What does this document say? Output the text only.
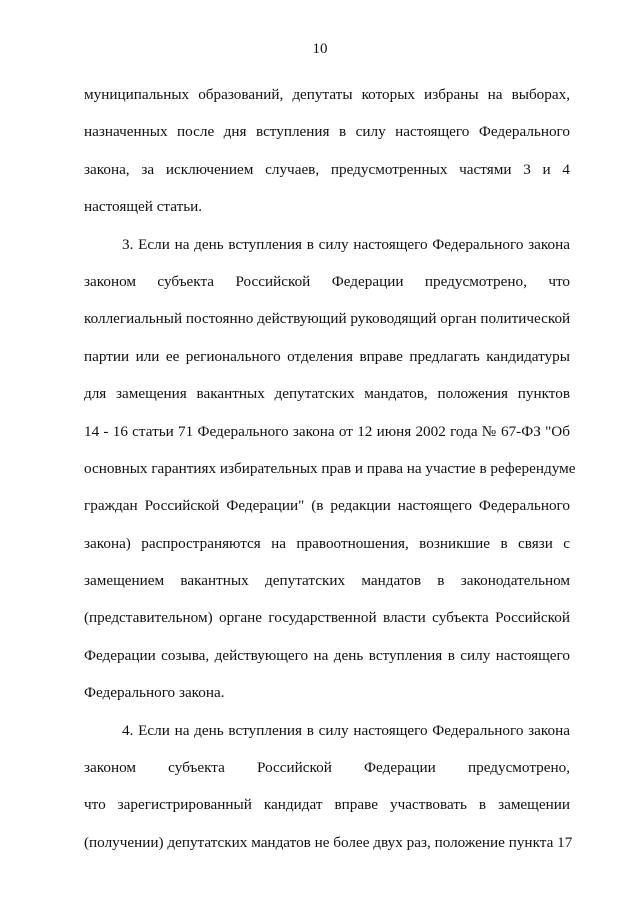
10
муниципальных образований, депутаты которых избраны на выборах,
назначенных после дня вступления в силу настоящего Федерального
закона, за исключением случаев, предусмотренных частями 3 и 4
настоящей статьи.
3. Если на день вступления в силу настоящего Федерального закона
законом субъекта Российской Федерации предусмотрено, что
коллегиальный постоянно действующий руководящий орган политической
партии или ее регионального отделения вправе предлагать кандидатуры
для замещения вакантных депутатских мандатов, положения пунктов
14 - 16 статьи 71 Федерального закона от 12 июня 2002 года № 67-ФЗ "Об
основных гарантиях избирательных прав и права на участие в референдуме
граждан Российской Федерации" (в редакции настоящего Федерального
закона) распространяются на правоотношения, возникшие в связи с
замещением вакантных депутатских мандатов в законодательном
(представительном) органе государственной власти субъекта Российской
Федерации созыва, действующего на день вступления в силу настоящего
Федерального закона.
4. Если на день вступления в силу настоящего Федерального закона
законом субъекта Российской Федерации предусмотрено,
что зарегистрированный кандидат вправе участвовать в замещении
(получении) депутатских мандатов не более двух раз, положение пункта 17
